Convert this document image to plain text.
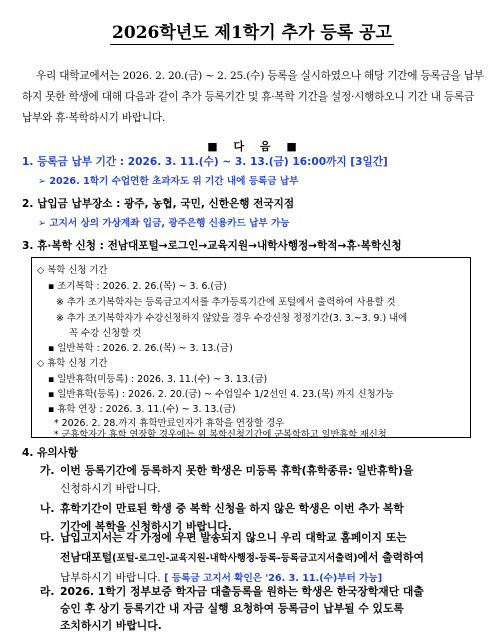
2026학년도 제1학기 추가 등록 공고
우리 대학교에서는 2026. 2. 20.(금) ~ 2. 25.(수) 등록을 실시하였으나 해당 기간에 등록금을 납부하지 못한 학생에 대해 다음과 같이 추가 등록기간 및 휴·복학 기간을 설정·시행하오니 기간 내 등록금 납부와 휴·복학하시기 바랍니다.
■ 다 음 ■
1. 등록금 납부 기간 : 2026. 3. 11.(수) ~ 3. 13.(금) 16:00까지 [3일간]
➢ 2026. 1학기 수업연한 초과자도 위 기간 내에 등록금 납부
2. 납입금 납부장소 : 광주, 농협, 국민, 신한은행 전국지점
➢ 고지서 상의 가상계좌 입금, 광주은행 신용카드 납부 가능
3. 휴·복학 신청 : 전남대포털→로그인→교육지원→내학사행정→학적→휴·복학신청
◇ 복학 신청 기간
▪ 조기복학 : 2026. 2. 26.(목) ~ 3. 6.(금)
※ 추가 조기복학자는 등록금고지서를 추가등록기간에 포털에서 출력하여 사용할 것
※ 추가 조기복학자가 수강신청하지 않았을 경우 수강신청 정정기간(3. 3.~3. 9.) 내에
꼭 수강 신청할 것
▪ 일반복학 : 2026. 2. 26.(목) ~ 3. 13.(금)
◇ 휴학 신청 기간
▪ 일반휴학(미등록) : 2026. 3. 11.(수) ~ 3. 13.(금)
▪ 일반휴학(등록) : 2026. 2. 20.(금) ~ 수업일수 1/2선인 4. 23.(목) 까지 신청가능
▪ 휴학 연장 : 2026. 3. 11.(수) ~ 3. 13.(금)
* 2026. 2. 28.까지 휴학만료인자가 휴학을 연장할 경우
* 군휴학자가 휴학 연장할 경우에는 위 복학신청기간에 군복학하고 일반휴학 재신청
4. 유의사항
가. 이번 등록기간에 등록하지 못한 학생은 미등록 휴학(휴학종류: 일반휴학)을
신청하시기 바랍니다.
나. 휴학기간이 만료된 학생 중 복학 신청을 하지 않은 학생은 이번 추가 복학
기간에 복학을 신청하시기 바랍니다.
다. 납입고지서는 각 가정에 우편 발송되지 않으니 우리 대학교 홈페이지 또는
전남대포털(포털-로그인-교육지원-내학사행정-등록-등록금고지서출력)에서 출력하여
납부하시기 바랍니다. [ 등록금 고지서 확인은 '26. 3. 11.(수)부터 가능]
라. 2026. 1학기 정부보증 학자금 대출등록을 원하는 학생은 한국장학재단 대출
승인 후 상기 등록기간 내 자금 실행 요청하여 등록금이 납부될 수 있도록
조치하시기 바랍니다.
